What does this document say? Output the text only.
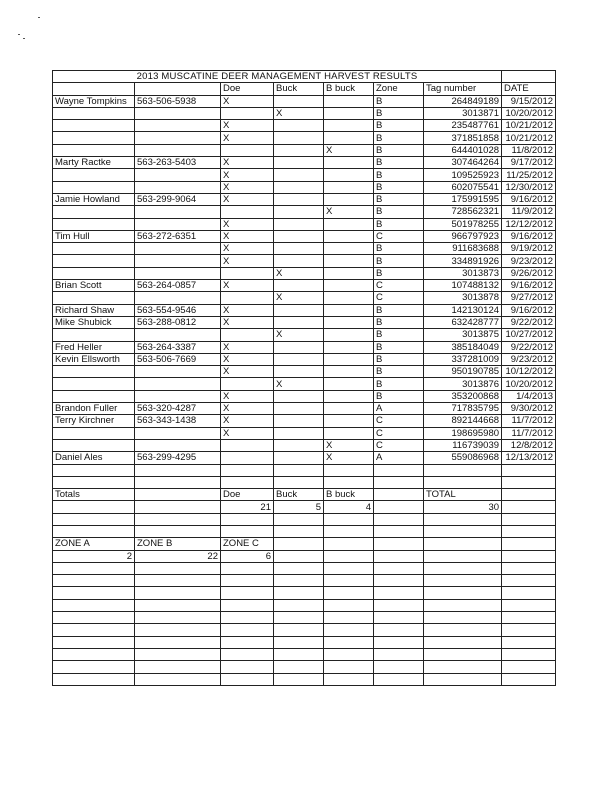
2013 MUSCATINE DEER MANAGEMENT HARVEST RESULTS							
		Doe	Buck	B buck	Zone	Tag number	DATE
Wayne Tompkins	563-506-5938	X			B	264849189	9/15/2012
			X		B	3013871	10/20/2012
		X			B	235487761	10/21/2012
		X			B	371851858	10/21/2012
				X	B	644401028	11/8/2012
Marty Ractke	563-263-5403	X			B	307464264	9/17/2012
		X			B	109525923	11/25/2012
		X			B	602075541	12/30/2012
Jamie Howland	563-299-9064	X			B	175991595	9/16/2012
				X	B	728562321	11/9/2012
		X			B	501978255	12/12/2012
Tim Hull	563-272-6351	X			C	966797923	9/16/2012
		X			B	911683688	9/19/2012
		X			B	334891926	9/23/2012
			X		B	3013873	9/26/2012
Brian Scott	563-264-0857	X			C	107488132	9/16/2012
			X		C	3013878	9/27/2012
Richard Shaw	563-554-9546	X			B	142130124	9/16/2012
Mike Shubick	563-288-0812	X			B	632428777	9/22/2012
			X		B	3013875	10/27/2012
Fred Heller	563-264-3387	X			B	385184049	9/22/2012
Kevin Ellsworth	563-506-7669	X			B	337281009	9/23/2012
		X			B	950190785	10/12/2012
			X		B	3013876	10/20/2012
		X			B	353200868	1/4/2013
Brandon Fuller	563-320-4287	X			A	717835795	9/30/2012
Terry Kirchner	563-343-1438	X			C	892144668	11/7/2012
		X			C	198695980	11/7/2012
				X	C	116739039	12/8/2012
Daniel Ales	563-299-4295			X	A	559086968	12/13/2012

Totals		Doe	Buck	B buck		TOTAL	
		21	5	4		30	

ZONE A	ZONE B	ZONE C					
2	22	6					
